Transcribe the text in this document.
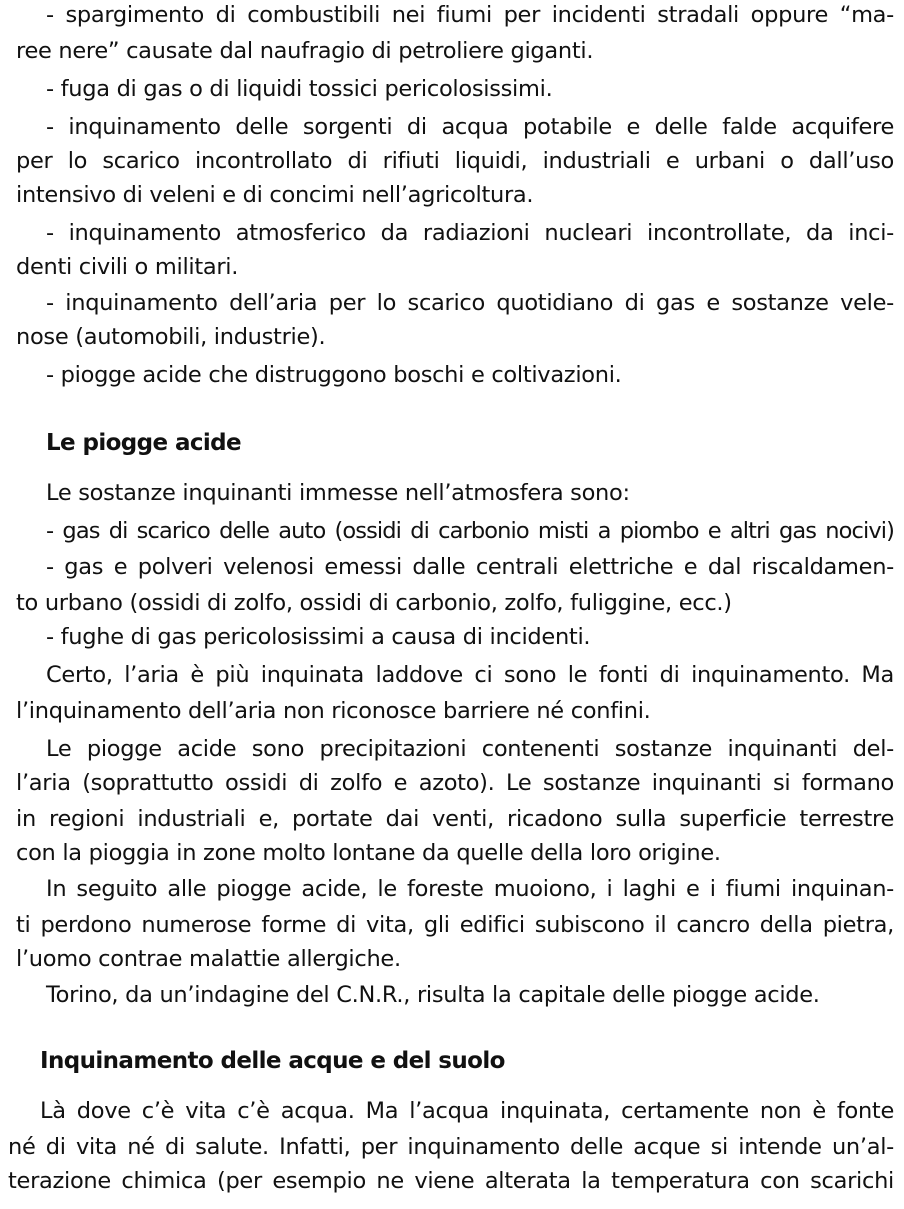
- spargimento di combustibili nei fiumi per incidenti stradali oppure “ma-
ree nere” causate dal naufragio di petroliere giganti.
- fuga di gas o di liquidi tossici pericolosissimi.
- inquinamento delle sorgenti di acqua potabile e delle falde acquifere
per lo scarico incontrollato di rifiuti liquidi, industriali e urbani o dall’uso
intensivo di veleni e di concimi nell’agricoltura.
- inquinamento atmosferico da radiazioni nucleari incontrollate, da inci-
denti civili o militari.
- inquinamento dell’aria per lo scarico quotidiano di gas e sostanze vele-
nose (automobili, industrie).
- piogge acide che distruggono boschi e coltivazioni.
Le piogge acide
Le sostanze inquinanti immesse nell’atmosfera sono:
- gas di scarico delle auto (ossidi di carbonio misti a piombo e altri gas nocivi)
- gas e polveri velenosi emessi dalle centrali elettriche e dal riscaldamen-
to urbano (ossidi di zolfo, ossidi di carbonio, zolfo, fuliggine, ecc.)
- fughe di gas pericolosissimi a causa di incidenti.
Certo, l’aria è più inquinata laddove ci sono le fonti di inquinamento. Ma
l’inquinamento dell’aria non riconosce barriere né confini.
Le piogge acide sono precipitazioni contenenti sostanze inquinanti del-
l’aria (soprattutto ossidi di zolfo e azoto). Le sostanze inquinanti si formano
in regioni industriali e, portate dai venti, ricadono sulla superficie terrestre
con la pioggia in zone molto lontane da quelle della loro origine.
In seguito alle piogge acide, le foreste muoiono, i laghi e i fiumi inquinan-
ti perdono numerose forme di vita, gli edifici subiscono il cancro della pietra,
l’uomo contrae malattie allergiche.
Torino, da un’indagine del C.N.R., risulta la capitale delle piogge acide.
Inquinamento delle acque e del suolo
Là dove c’è vita c’è acqua. Ma l’acqua inquinata, certamente non è fonte
né di vita né di salute. Infatti, per inquinamento delle acque si intende un’al-
terazione chimica (per esempio ne viene alterata la temperatura con scarichi
